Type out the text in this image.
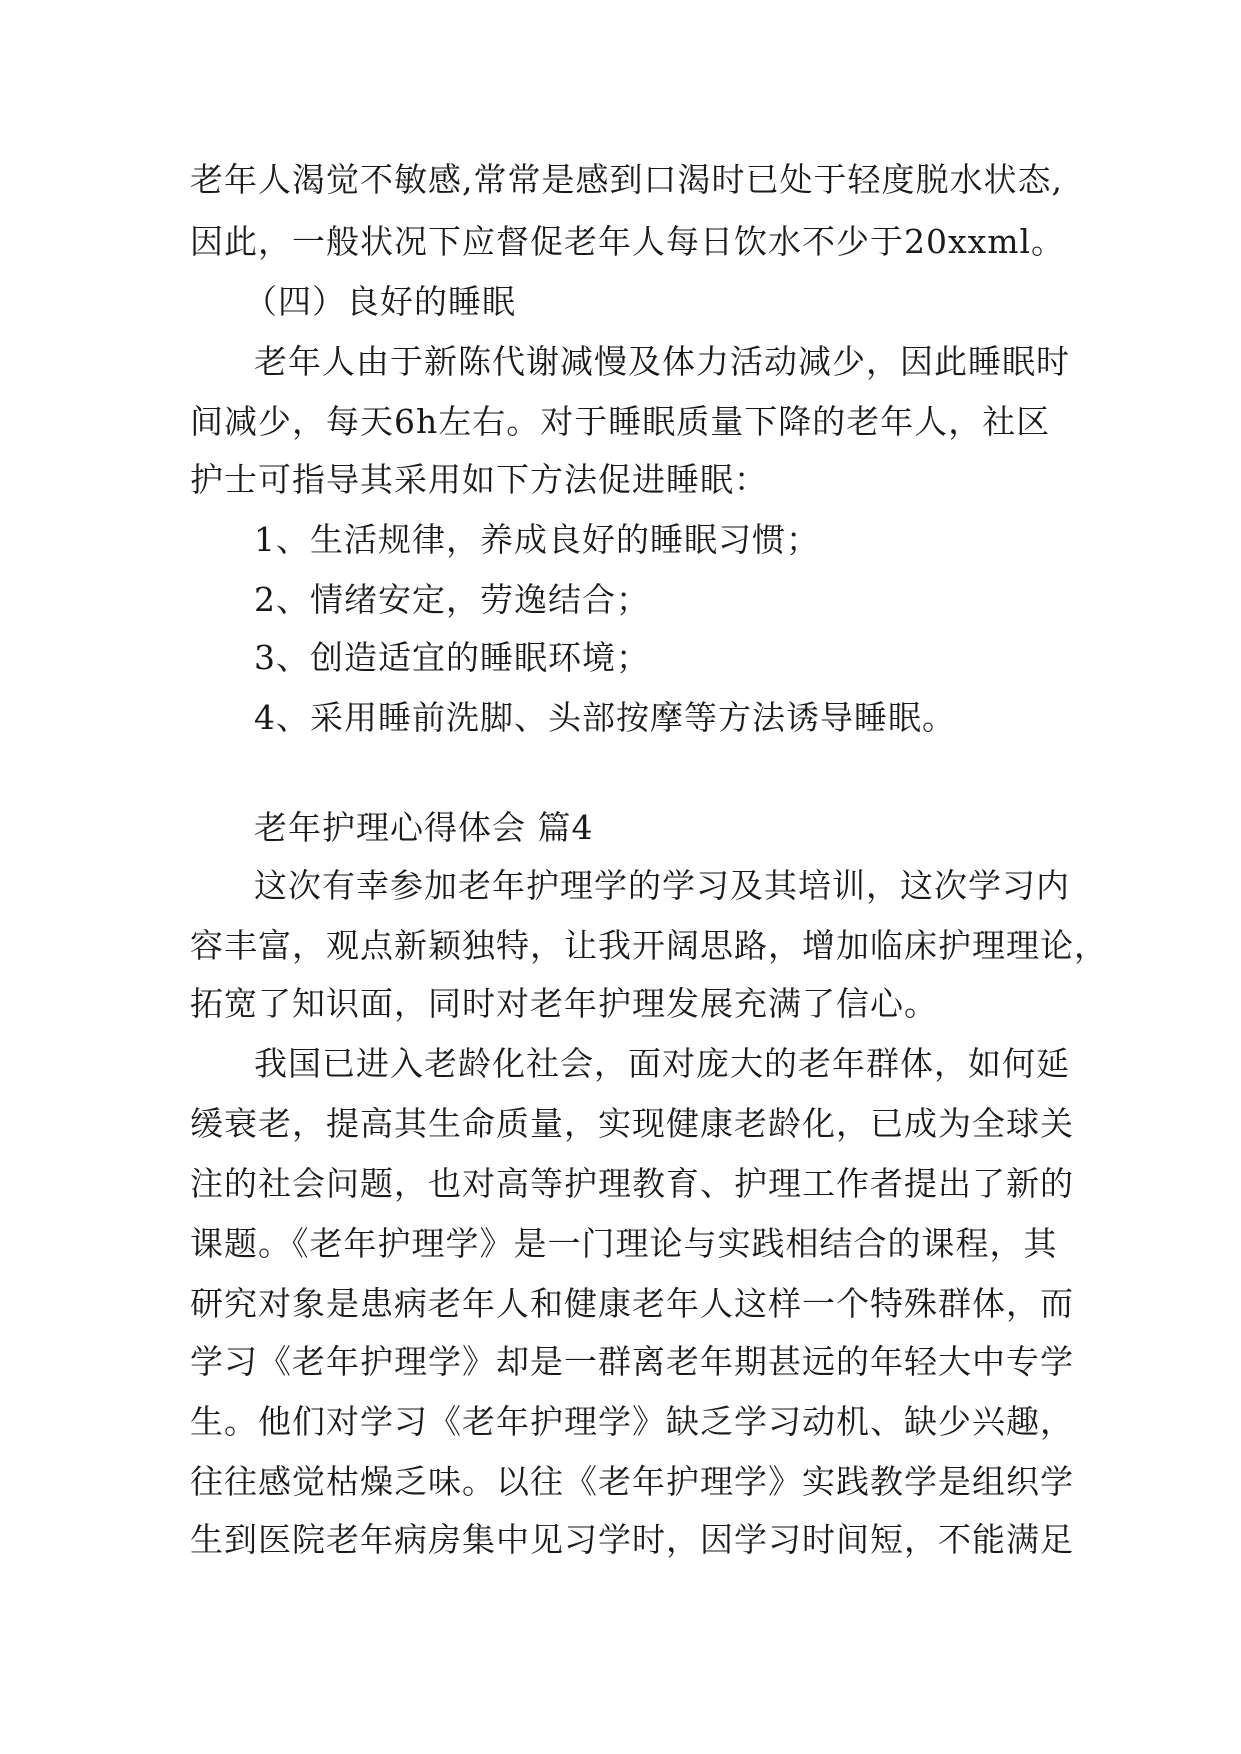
老年人渴觉不敏感,常常是感到口渴时已处于轻度脱水状态,
因此，一般状况下应督促老年人每日饮水不少于20xxml。
（四）良好的睡眠
老年人由于新陈代谢减慢及体力活动减少，因此睡眠时
间减少，每天6h左右。对于睡眠质量下降的老年人，社区
护士可指导其采用如下方法促进睡眠：
1、生活规律，养成良好的睡眠习惯；
2、情绪安定，劳逸结合；
3、创造适宜的睡眠环境；
4、采用睡前洗脚、头部按摩等方法诱导睡眠。
老年护理心得体会 篇4
这次有幸参加老年护理学的学习及其培训，这次学习内
容丰富，观点新颖独特，让我开阔思路，增加临床护理理论，
拓宽了知识面，同时对老年护理发展充满了信心。
我国已进入老龄化社会，面对庞大的老年群体，如何延
缓衰老，提高其生命质量，实现健康老龄化，已成为全球关
注的社会问题，也对高等护理教育、护理工作者提出了新的
课题。《老年护理学》是一门理论与实践相结合的课程，其
研究对象是患病老年人和健康老年人这样一个特殊群体，而
学习《老年护理学》却是一群离老年期甚远的年轻大中专学
生。他们对学习《老年护理学》缺乏学习动机、缺少兴趣，
往往感觉枯燥乏味。以往《老年护理学》实践教学是组织学
生到医院老年病房集中见习学时，因学习时间短，不能满足
